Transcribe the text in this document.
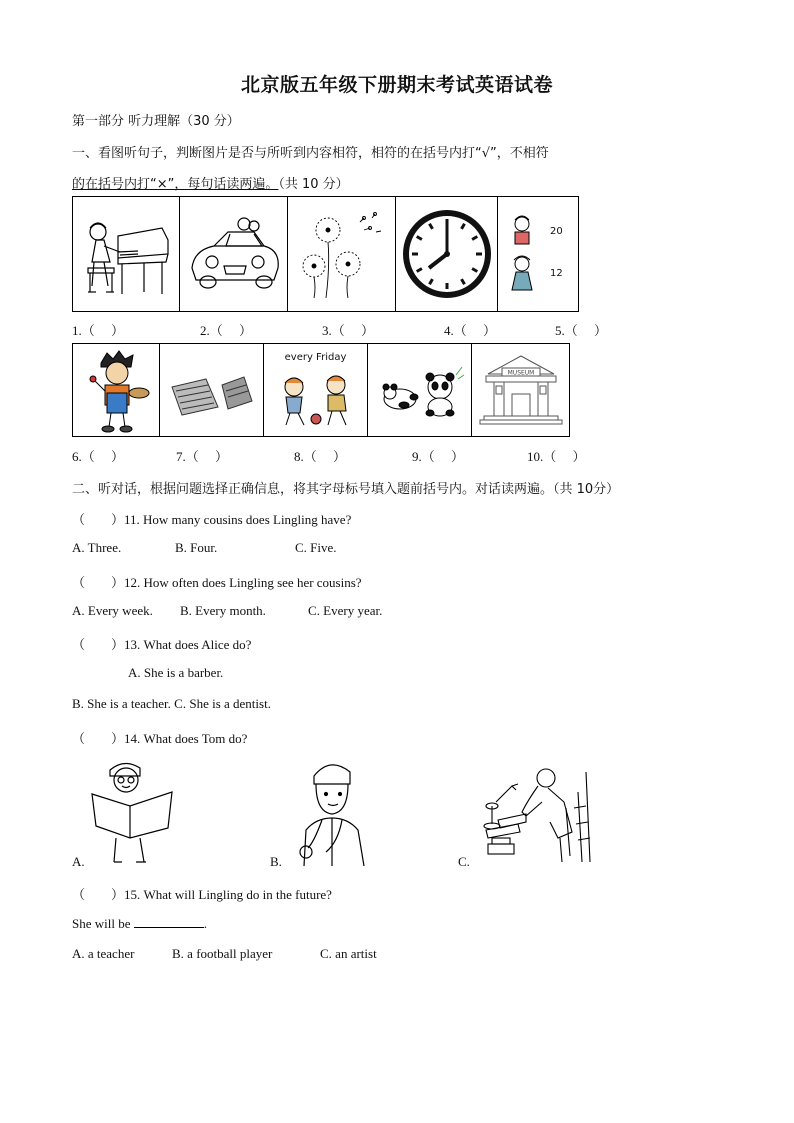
北京版五年级下册期末考试英语试卷
第一部分 听力理解（30 分）
一、看图听句子，判断图片是否与所听到内容相符，相符的在括号内打“√”，不相符
的在括号内打“×”，每句话读两遍。（共 10 分）

20
12
1.（　 ）	2.（　 ）	3.（　 ）	4.（　 ）	5.（　 ）

every Friday

MUSEUM
6.（　 ）	7.（　 ）	8.（　 ）	9.（　 ）	10.（　 ）
二、听对话，根据问题选择正确信息，将其字母标号填入题前括号内。对话读两遍。（共 10分）
（　　）11. How many cousins does Lingling have?
A. Three.	B. Four.	C. Five.
（　　）12. How often does Lingling see her cousins?
A. Every week. B. Every month.	C. Every year.
（　　）13. What does Alice do?
A. She is a barber.
B. She is a teacher. C. She is a dentist.
（　　）14. What does Tom do?
A.	B.	C.
（　　）15. What will Lingling do in the future?
She will be	.
A. a teacher	B. a football player	C. an artist
